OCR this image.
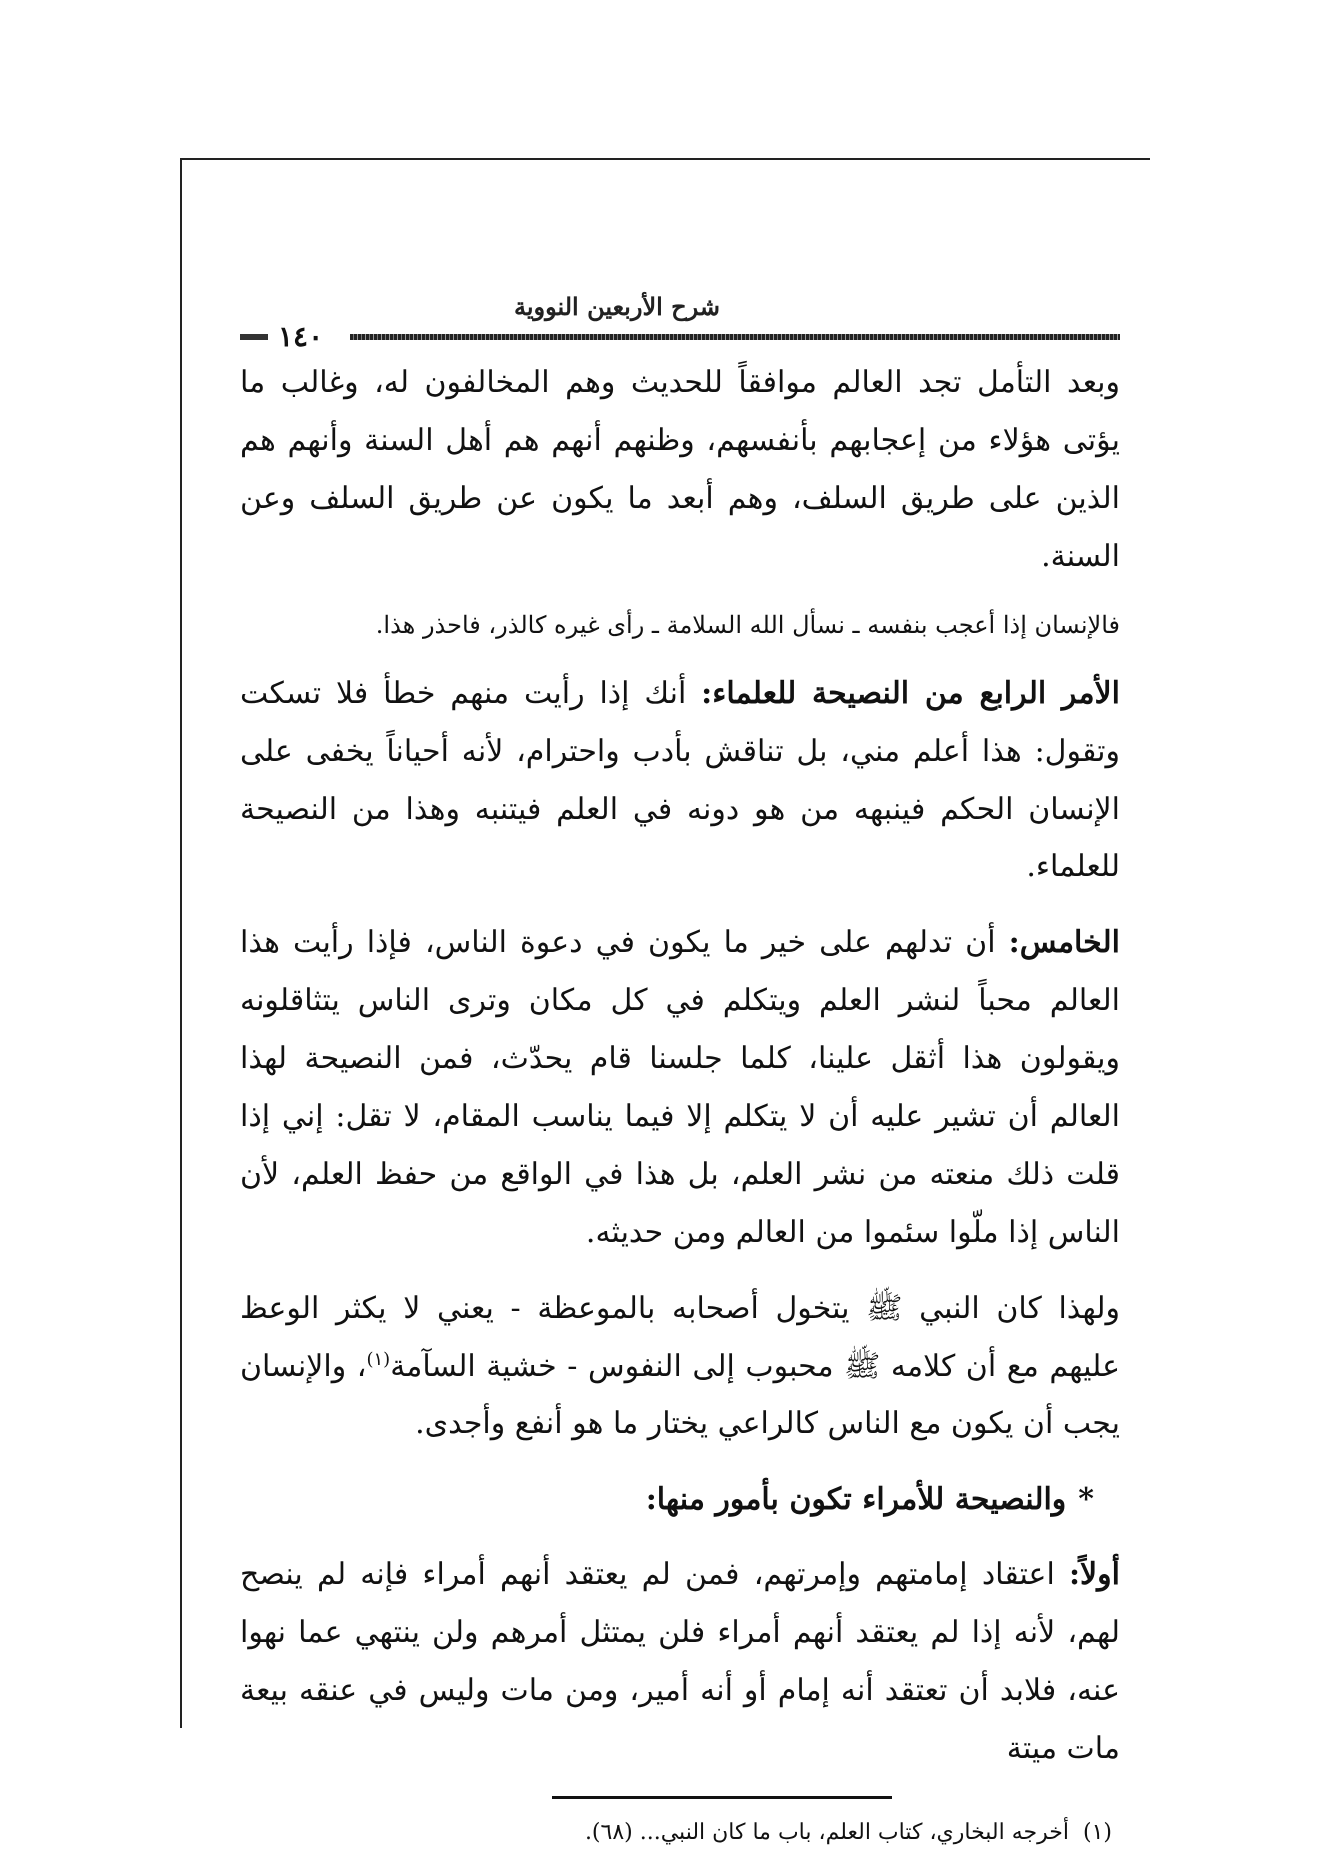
شرح الأربعين النووية
١٤٠

وبعد التأمل تجد العالم موافقاً للحديث وهم المخالفون له، وغالب ما يؤتى هؤلاء من إعجابهم بأنفسهم، وظنهم أنهم هم أهل السنة وأنهم هم الذين على طريق السلف، وهم أبعد ما يكون عن طريق السلف وعن السنة.

فالإنسان إذا أعجب بنفسه ـ نسأل الله السلامة ـ رأى غيره كالذر، فاحذر هذا.

الأمر الرابع من النصيحة للعلماء: أنك إذا رأيت منهم خطأ فلا تسكت وتقول: هذا أعلم مني، بل تناقش بأدب واحترام، لأنه أحياناً يخفى على الإنسان الحكم فينبهه من هو دونه في العلم فيتنبه وهذا من النصيحة للعلماء.

الخامس: أن تدلهم على خير ما يكون في دعوة الناس، فإذا رأيت هذا العالم محباً لنشر العلم ويتكلم في كل مكان وترى الناس يتثاقلونه ويقولون هذا أثقل علينا، كلما جلسنا قام يحدّث، فمن النصيحة لهذا العالم أن تشير عليه أن لا يتكلم إلا فيما يناسب المقام، لا تقل: إني إذا قلت ذلك منعته من نشر العلم، بل هذا في الواقع من حفظ العلم، لأن الناس إذا ملّوا سئموا من العالم ومن حديثه.

ولهذا كان النبي ﷺ يتخول أصحابه بالموعظة - يعني لا يكثر الوعظ عليهم مع أن كلامه ﷺ محبوب إلى النفوس - خشية السآمة$^{(١)}$، والإنسان يجب أن يكون مع الناس كالراعي يختار ما هو أنفع وأجدى.

*والنصيحة للأمراء تكون بأمور منها:

أولاً: اعتقاد إمامتهم وإمرتهم، فمن لم يعتقد أنهم أمراء فإنه لم ينصح لهم، لأنه إذا لم يعتقد أنهم أمراء فلن يمتثل أمرهم ولن ينتهي عما نهوا عنه، فلابد أن تعتقد أنه إمام أو أنه أمير، ومن مات وليس في عنقه بيعة مات ميتة

(١)أخرجه البخاري، كتاب العلم، باب ما كان النبي... (٦٨).
